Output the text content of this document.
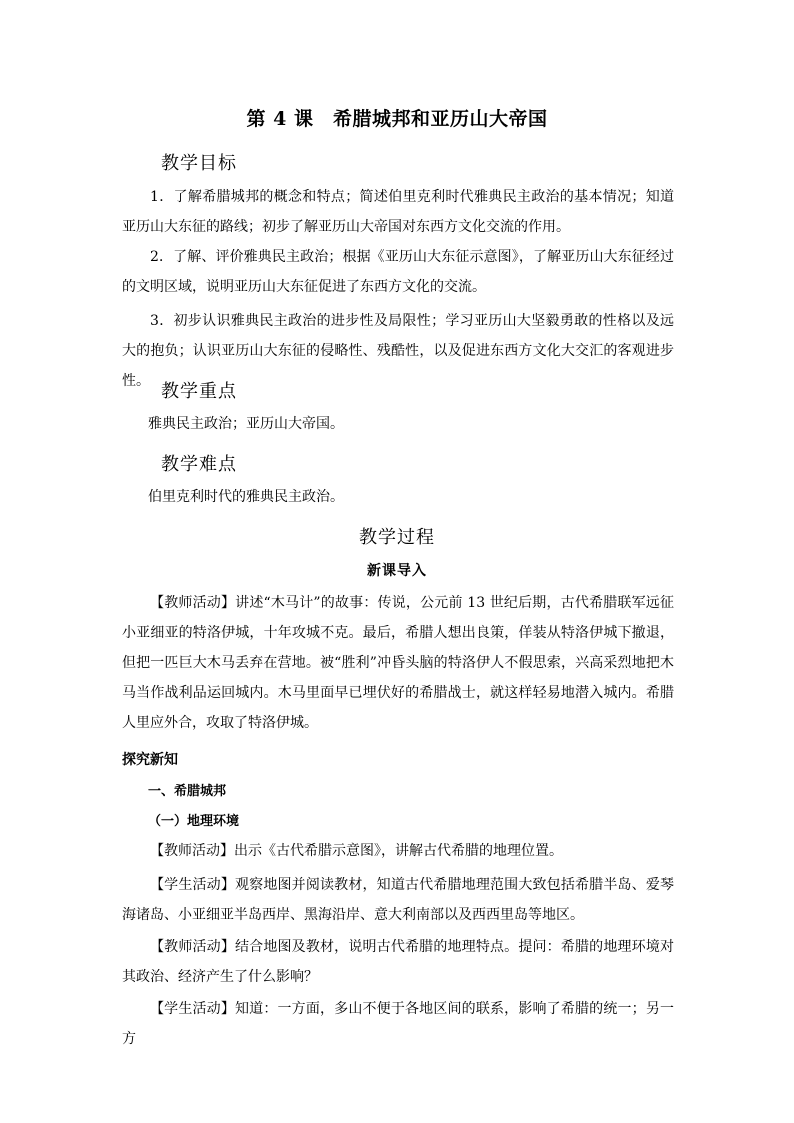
第 4 课　希腊城邦和亚历山大帝国
教学目标
1．了解希腊城邦的概念和特点；简述伯里克利时代雅典民主政治的基本情况；知道亚历山大东征的路线；初步了解亚历山大帝国对东西方文化交流的作用。
2．了解、评价雅典民主政治；根据《亚历山大东征示意图》，了解亚历山大东征经过的文明区域，说明亚历山大东征促进了东西方文化的交流。
3．初步认识雅典民主政治的进步性及局限性；学习亚历山大坚毅勇敢的性格以及远大的抱负；认识亚历山大东征的侵略性、残酷性，以及促进东西方文化大交汇的客观进步性。 教学重点
雅典民主政治；亚历山大帝国。
教学难点
伯里克利时代的雅典民主政治。
教学过程
新课导入
【教师活动】讲述“木马计”的故事：传说，公元前 13 世纪后期，古代希腊联军远征小亚细亚的特洛伊城，十年攻城不克。最后，希腊人想出良策，佯装从特洛伊城下撤退，但把一匹巨大木马丢弃在营地。被“胜利”冲昏头脑的特洛伊人不假思索，兴高采烈地把木马当作战利品运回城内。木马里面早已埋伏好的希腊战士，就这样轻易地潜入城内。希腊人里应外合，攻取了特洛伊城。
探究新知
一、希腊城邦
（一）地理环境
【教师活动】出示《古代希腊示意图》，讲解古代希腊的地理位置。
【学生活动】观察地图并阅读教材，知道古代希腊地理范围大致包括希腊半岛、爱琴海诸岛、小亚细亚半岛西岸、黑海沿岸、意大利南部以及西西里岛等地区。
【教师活动】结合地图及教材，说明古代希腊的地理特点。提问：希腊的地理环境对其政治、经济产生了什么影响？
【学生活动】知道：一方面，多山不便于各地区间的联系，影响了希腊的统一；另一方
